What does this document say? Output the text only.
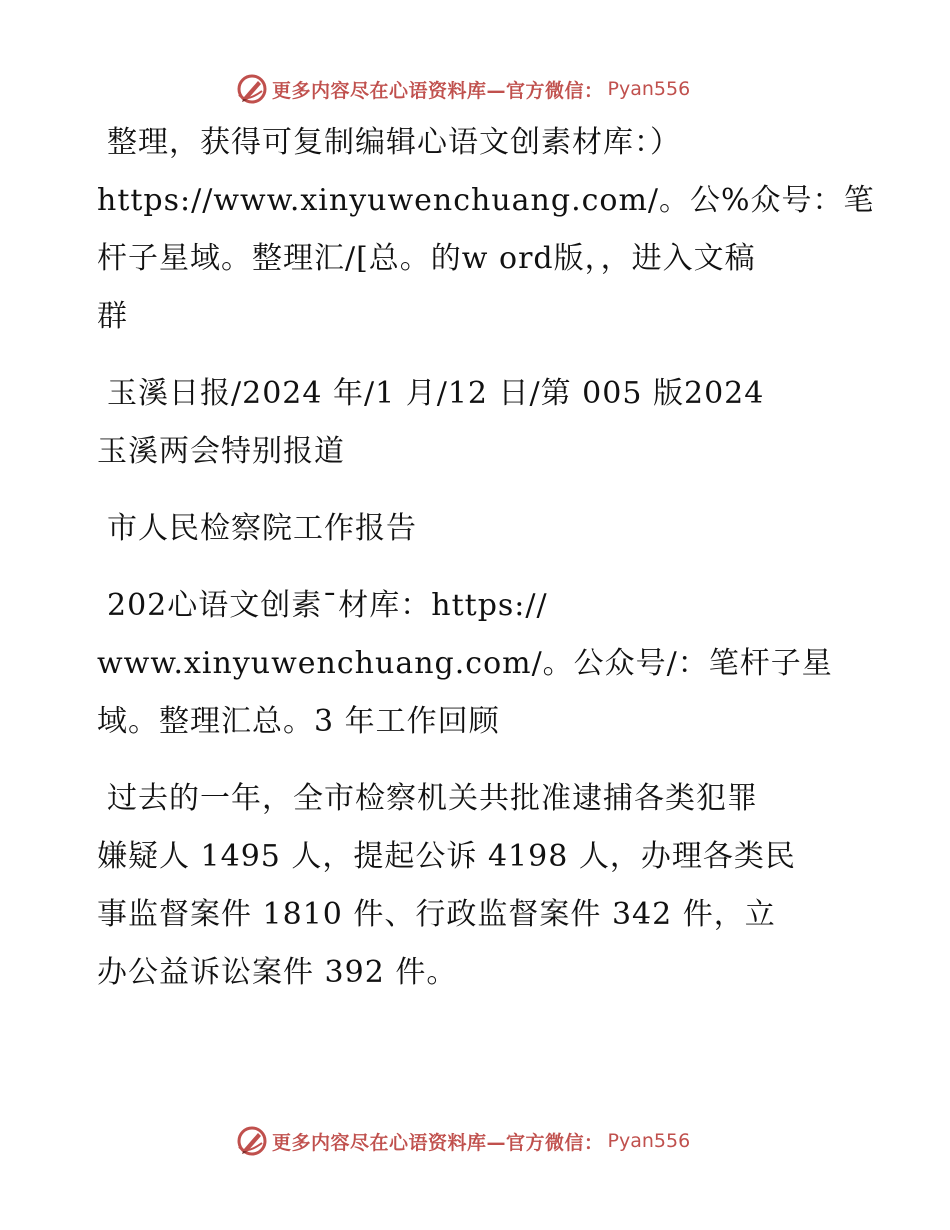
更多内容尽在心语资料库—官方微信： Pyan556

整理，获得可复制编辑心语文创素材库：）
https://www.xinyuwenchuang.com/。公%众号：笔
杆子星域。整理汇/[总。的w ord版，，进入文稿
群

玉溪日报/2024 年/1 月/12 日/第 005 版2024
玉溪两会特别报道

市人民检察院工作报告

202心语文创素¯材库：https://
www.xinyuwenchuang.com/。公众号/：笔杆子星
域。整理汇总。3 年工作回顾

过去的一年，全市检察机关共批准逮捕各类犯罪
嫌疑人 1495 人，提起公诉 4198 人，办理各类民
事监督案件 1810 件、行政监督案件 342 件，立
办公益诉讼案件 392 件。

更多内容尽在心语资料库—官方微信： Pyan556
